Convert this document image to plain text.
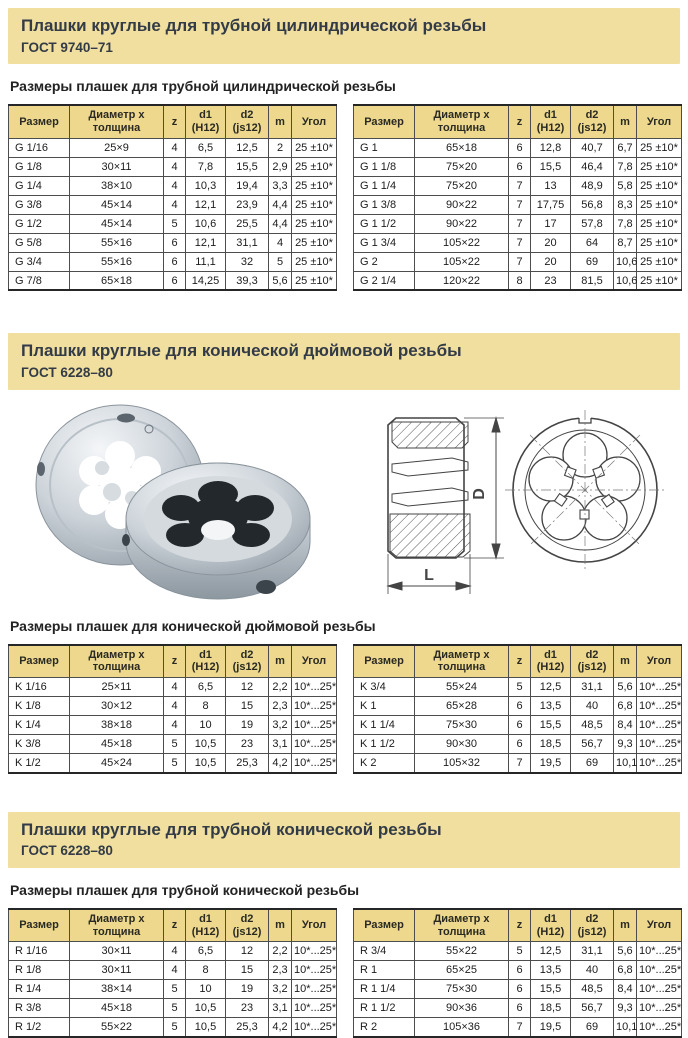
Плашки круглые для трубной цилиндрической резьбы
ГОСТ 9740–71
Размеры плашек для трубной цилиндрической резьбы
Размер	Диаметр х толщина	z	d1 (H12)	d2 (js12)	m	Угол
G 1/16	25×9	4	6,5	12,5	2	25 ±10*
G 1/8	30×11	4	7,8	15,5	2,9	25 ±10*
G 1/4	38×10	4	10,3	19,4	3,3	25 ±10*
G 3/8	45×14	4	12,1	23,9	4,4	25 ±10*
G 1/2	45×14	5	10,6	25,5	4,4	25 ±10*
G 5/8	55×16	6	12,1	31,1	4	25 ±10*
G 3/4	55×16	6	11,1	32	5	25 ±10*
G 7/8	65×18	6	14,25	39,3	5,6	25 ±10*
Размер	Диаметр х толщина	z	d1 (H12)	d2 (js12)	m	Угол
G 1	65×18	6	12,8	40,7	6,7	25 ±10*
G 1 1/8	75×20	6	15,5	46,4	7,8	25 ±10*
G 1 1/4	75×20	7	13	48,9	5,8	25 ±10*
G 1 3/8	90×22	7	17,75	56,8	8,3	25 ±10*
G 1 1/2	90×22	7	17	57,8	7,8	25 ±10*
G 1 3/4	105×22	7	20	64	8,7	25 ±10*
G 2	105×22	7	20	69	10,6	25 ±10*
G 2 1/4	120×22	8	23	81,5	10,6	25 ±10*
Плашки круглые для конической дюймовой резьбы
ГОСТ 6228–80
D
L
Размеры плашек для конической дюймовой резьбы
Размер	Диаметр х толщина	z	d1 (H12)	d2 (js12)	m	Угол
K 1/16	25×11	4	6,5	12	2,2	10*...25*
K 1/8	30×12	4	8	15	2,3	10*...25*
K 1/4	38×18	4	10	19	3,2	10*...25*
K 3/8	45×18	5	10,5	23	3,1	10*...25*
K 1/2	45×24	5	10,5	25,3	4,2	10*...25*
Размер	Диаметр х толщина	z	d1 (H12)	d2 (js12)	m	Угол
K 3/4	55×24	5	12,5	31,1	5,6	10*...25*
K 1	65×28	6	13,5	40	6,8	10*...25*
K 1 1/4	75×30	6	15,5	48,5	8,4	10*...25*
K 1 1/2	90×30	6	18,5	56,7	9,3	10*...25*
K 2	105×32	7	19,5	69	10,1	10*...25*
Плашки круглые для трубной конической резьбы
ГОСТ 6228–80
Размеры плашек для трубной конической резьбы
Размер	Диаметр х толщина	z	d1 (H12)	d2 (js12)	m	Угол
R 1/16	30×11	4	6,5	12	2,2	10*...25*
R 1/8	30×11	4	8	15	2,3	10*...25*
R 1/4	38×14	5	10	19	3,2	10*...25*
R 3/8	45×18	5	10,5	23	3,1	10*...25*
R 1/2	55×22	5	10,5	25,3	4,2	10*...25*
Размер	Диаметр х толщина	z	d1 (H12)	d2 (js12)	m	Угол
R 3/4	55×22	5	12,5	31,1	5,6	10*...25*
R 1	65×25	6	13,5	40	6,8	10*...25*
R 1 1/4	75×30	6	15,5	48,5	8,4	10*...25*
R 1 1/2	90×36	6	18,5	56,7	9,3	10*...25*
R 2	105×36	7	19,5	69	10,1	10*...25*
